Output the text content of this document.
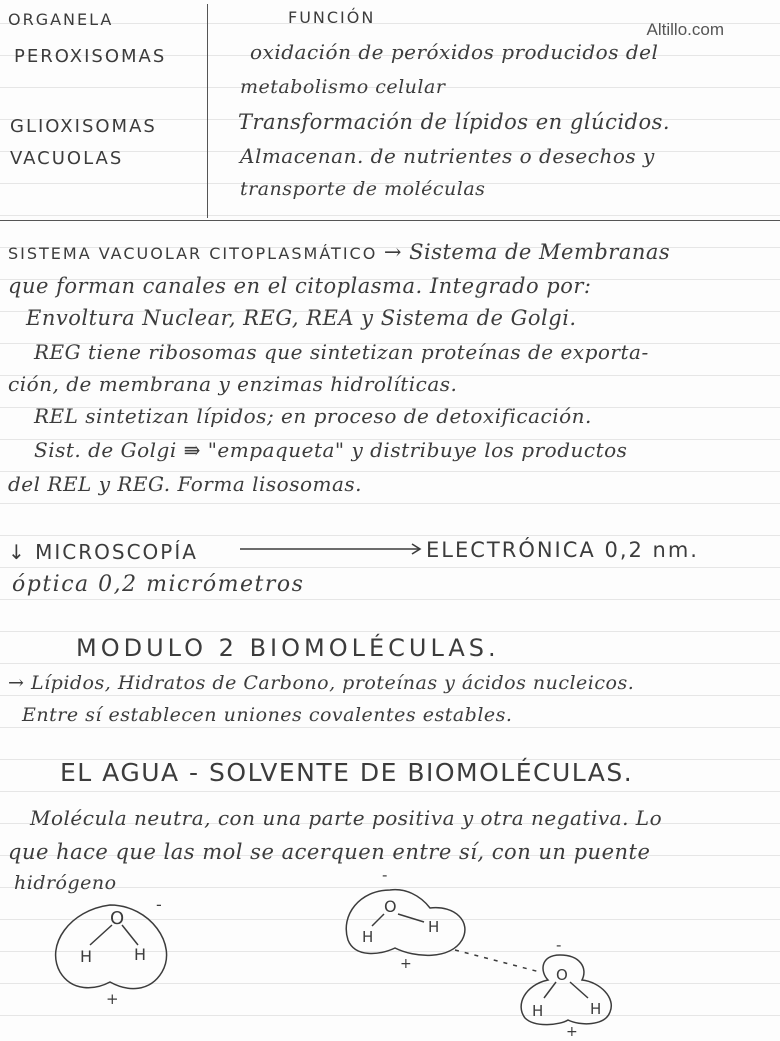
Altillo.com
ORGANELA	FUNCIÓN
PEROXISOMAS	oxidación de peróxidos producidos del
metabolismo celular
GLIOXISOMAS	Transformación de lípidos en glúcidos.
VACUOLAS	Almacenan. de nutrientes o desechos y
transporte de moléculas
SISTEMA VACUOLAR CITOPLASMÁTICO → Sistema de Membranas
que forman canales en el citoplasma. Integrado por:
Envoltura Nuclear, REG, REA y Sistema de Golgi.
REG tiene ribosomas que sintetizan proteínas de exporta-
ción, de membrana y enzimas hidrolíticas.
REL sintetizan lípidos; en proceso de detoxificación.
Sist. de Golgi ⇛ "empaqueta" y distribuye los productos
del REL y REG. Forma lisosomas.
↓ MICROSCOPÍA	ELECTRÓNICA 0,2 nm.
óptica 0,2 micrómetros
MODULO 2 BIOMOLÉCULAS.
→ Lípidos, Hidratos de Carbono, proteínas y ácidos nucleicos.
Entre sí establecen uniones covalentes estables.
EL AGUA - SOLVENTE DE BIOMOLÉCULAS.
Molécula neutra, con una parte positiva y otra negativa. Lo
que hace que las mol se acerquen entre sí, con un puente
hidrógeno
O
H	H
-
+
O
H
H
-
+
O
H	H
-
+
